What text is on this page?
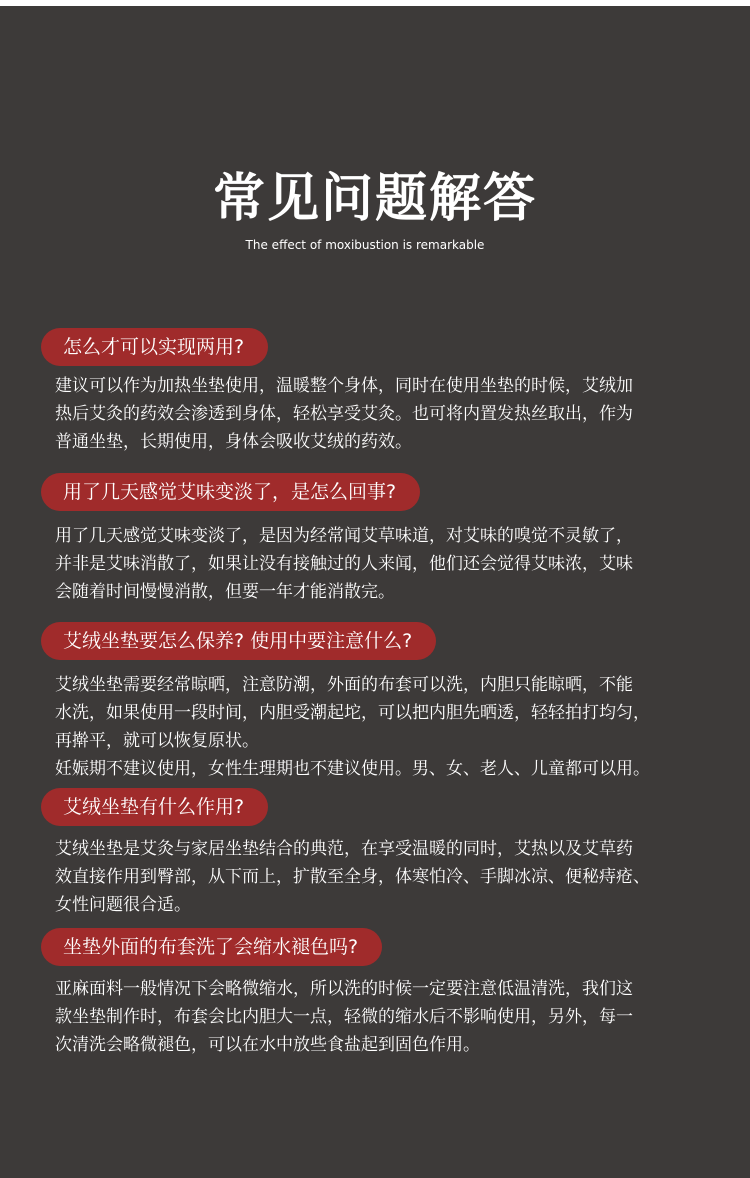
常见问题解答
The effect of moxibustion is remarkable
怎么才可以实现两用?

建议可以作为加热坐垫使用，温暖整个身体，同时在使用坐垫的时候，艾绒加

热后艾灸的药效会渗透到身体，轻松享受艾灸。也可将内置发热丝取出，作为

普通坐垫，长期使用，身体会吸收艾绒的药效。

用了几天感觉艾味变淡了，是怎么回事?

用了几天感觉艾味变淡了，是因为经常闻艾草味道，对艾味的嗅觉不灵敏了，

并非是艾味消散了，如果让没有接触过的人来闻，他们还会觉得艾味浓，艾味

会随着时间慢慢消散，但要一年才能消散完。

艾绒坐垫要怎么保养? 使用中要注意什么?

艾绒坐垫需要经常晾晒，注意防潮，外面的布套可以洗，内胆只能晾晒，不能

水洗，如果使用一段时间，内胆受潮起坨，可以把内胆先晒透，轻轻拍打均匀，

再擀平，就可以恢复原状。

妊娠期不建议使用，女性生理期也不建议使用。男、女、老人、儿童都可以用。

艾绒坐垫有什么作用?

艾绒坐垫是艾灸与家居坐垫结合的典范，在享受温暖的同时，艾热以及艾草药

效直接作用到臀部，从下而上，扩散至全身，体寒怕冷、手脚冰凉、便秘痔疮、

女性问题很合适。

坐垫外面的布套洗了会缩水褪色吗?

亚麻面料一般情况下会略微缩水，所以洗的时候一定要注意低温清洗，我们这

款坐垫制作时，布套会比内胆大一点，轻微的缩水后不影响使用，另外，每一

次清洗会略微褪色，可以在水中放些食盐起到固色作用。
